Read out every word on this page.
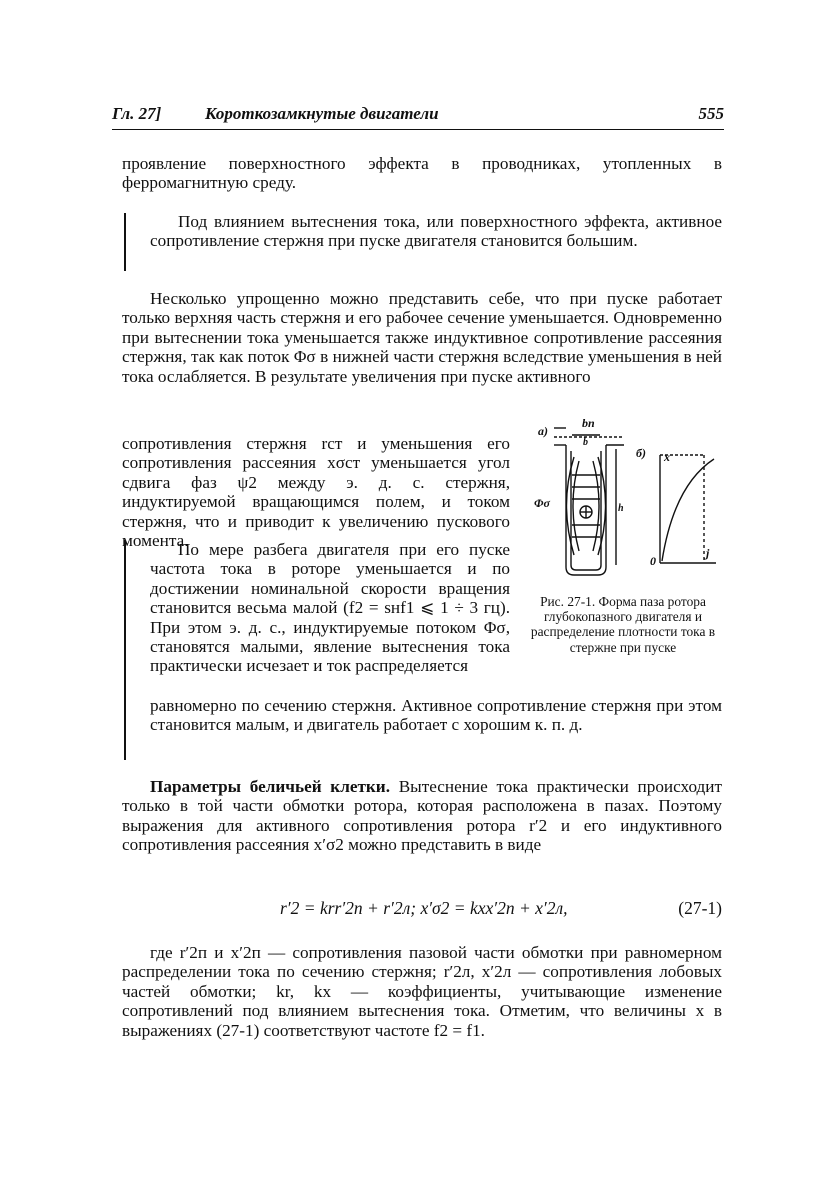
Гл. 27]	Короткозамкнутые двигатели	555

проявление поверхностного эффекта в проводниках, утопленных в ферромагнитную среду.

Под влиянием вытеснения тока, или поверхностного эффекта, активное сопротивление стержня при пуске двигателя становится большим.

Несколько упрощенно можно представить себе, что при пуске работает только верхняя часть стержня и его рабочее сечение уменьшается. Одновременно при вытеснении тока уменьшается также индуктивное сопротивление рассеяния стержня, так как поток Φσ в нижней части стержня вследствие уменьшения в ней тока ослабляется. В результате увеличения при пуске активного

сопротивления стержня rст и уменьшения его сопротивления рассеяния xσст уменьшается угол сдвига фаз ψ2 между э. д. с. стержня, индуктируемой вращающимся полем, и током стержня, что и приводит к увеличению пускового момента.

По мере разбега двигателя при его пуске частота тока в роторе уменьшается и по достижении номинальной скорости вращения становится весьма малой (f2 = sнf1 ⩽ 1 ÷ 3 гц). При этом э. д. с., индуктируемые потоком Φσ, становятся малыми, явление вытеснения тока практически исчезает и ток распределяется

равномерно по сечению стержня. Активное сопротивление стержня при этом становится малым, и двигатель работает с хорошим к. п. д.

a)
bп
b
б) x
Φσ	h
0
j

Рис. 27-1. Форма паза ротора глубокопазного двигателя и распределение плотности тока в стержне при пуске

Параметры беличьей клетки. Вытеснение тока практически происходит только в той части обмотки ротора, которая расположена в пазах. Поэтому выражения для активного сопротивления ротора r′2 и его индуктивного сопротивления рассеяния x′σ2 можно представить в виде

r′2 = krr′2п + r′2л; x′σ2 = kxx′2п + x′2л,	(27-1)

где r′2п и x′2п — сопротивления пазовой части обмотки при равномерном распределении тока по сечению стержня; r′2л, x′2л — сопротивления лобовых частей обмотки; kr, kx — коэффициенты, учитывающие изменение сопротивлений под влиянием вытеснения тока. Отметим, что величины x в выражениях (27-1) соответствуют частоте f2 = f1.
